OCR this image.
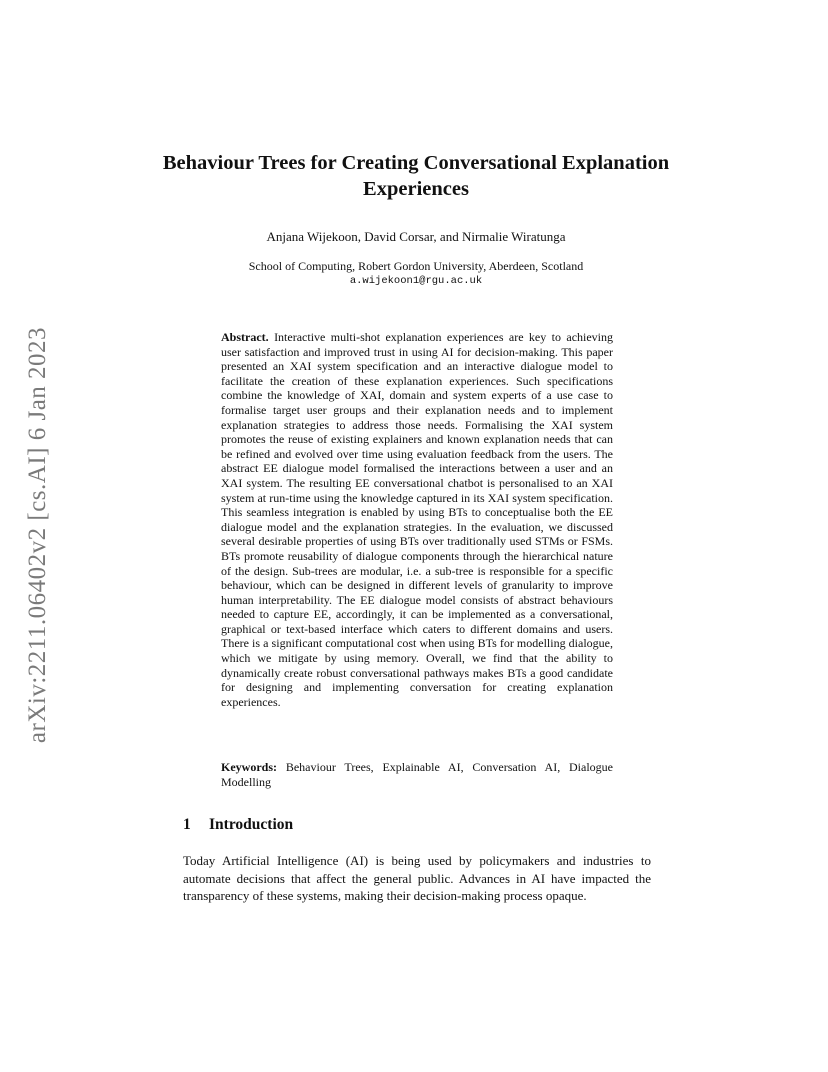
arXiv:2211.06402v2 [cs.AI] 6 Jan 2023
Behaviour Trees for Creating Conversational Explanation Experiences
Anjana Wijekoon, David Corsar, and Nirmalie Wiratunga
School of Computing, Robert Gordon University, Aberdeen, Scotland
a.wijekoon1@rgu.ac.uk

Abstract. Interactive multi-shot explanation experiences are key to achieving user satisfaction and improved trust in using AI for decision-making. This paper presented an XAI system specification and an interactive dialogue model to facilitate the creation of these explanation experiences. Such specifications combine the knowledge of XAI, domain and system experts of a use case to formalise target user groups and their explanation needs and to implement explanation strategies to address those needs. Formalising the XAI system promotes the reuse of existing explainers and known explanation needs that can be refined and evolved over time using evaluation feedback from the users. The abstract EE dialogue model formalised the interactions between a user and an XAI system. The resulting EE conversational chatbot is personalised to an XAI system at run-time using the knowledge captured in its XAI system specification. This seamless integration is enabled by using BTs to conceptualise both the EE dialogue model and the explanation strategies. In the evaluation, we discussed several desirable properties of using BTs over traditionally used STMs or FSMs. BTs promote reusability of dialogue components through the hierarchical nature of the design. Sub-trees are modular, i.e. a sub-tree is responsible for a specific behaviour, which can be designed in different levels of granularity to improve human interpretability. The EE dialogue model consists of abstract behaviours needed to capture EE, accordingly, it can be implemented as a conversational, graphical or text-based interface which caters to different domains and users. There is a significant computational cost when using BTs for modelling dialogue, which we mitigate by using memory. Overall, we find that the ability to dynamically create robust conversational pathways makes BTs a good candidate for designing and implementing conversation for creating explanation experiences.

Keywords: Behaviour Trees, Explainable AI, Conversation AI, Dialogue Modelling

1 Introduction

Today Artificial Intelligence (AI) is being used by policymakers and industries to automate decisions that affect the general public. Advances in AI have impacted the transparency of these systems, making their decision-making process opaque.
